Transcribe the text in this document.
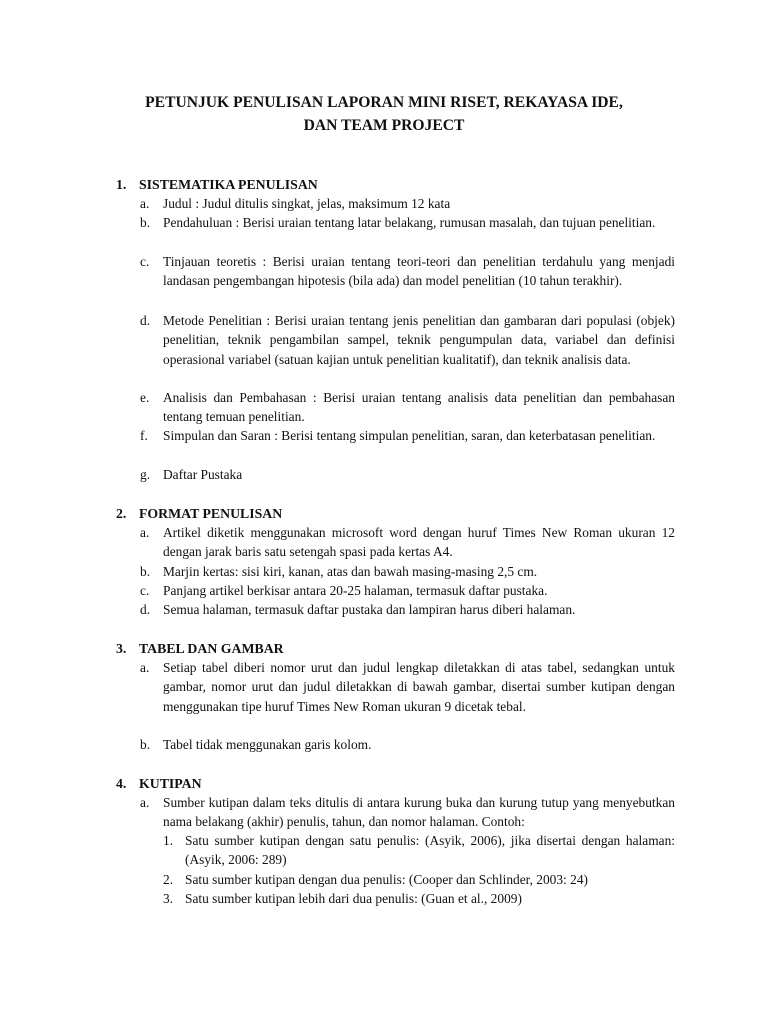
PETUNJUK PENULISAN LAPORAN MINI RISET, REKAYASA IDE,
DAN TEAM PROJECT
1. SISTEMATIKA PENULISAN
a. Judul : Judul ditulis singkat, jelas, maksimum 12 kata
b. Pendahuluan : Berisi uraian tentang latar belakang, rumusan masalah, dan tujuan penelitian.
c. Tinjauan teoretis : Berisi uraian tentang teori-teori dan penelitian terdahulu yang menjadi landasan pengembangan hipotesis (bila ada) dan model penelitian (10 tahun terakhir).
d. Metode Penelitian : Berisi uraian tentang jenis penelitian dan gambaran dari populasi (objek) penelitian, teknik pengambilan sampel, teknik pengumpulan data, variabel dan definisi operasional variabel (satuan kajian untuk penelitian kualitatif), dan teknik analisis data.
e. Analisis dan Pembahasan : Berisi uraian tentang analisis data penelitian dan pembahasan tentang temuan penelitian.
f. Simpulan dan Saran : Berisi tentang simpulan penelitian, saran, dan keterbatasan penelitian.
g. Daftar Pustaka
2. FORMAT PENULISAN
a. Artikel diketik menggunakan microsoft word dengan huruf Times New Roman ukuran 12 dengan jarak baris satu setengah spasi pada kertas A4.
b. Marjin kertas: sisi kiri, kanan, atas dan bawah masing-masing 2,5 cm.
c. Panjang artikel berkisar antara 20-25 halaman, termasuk daftar pustaka.
d. Semua halaman, termasuk daftar pustaka dan lampiran harus diberi halaman.
3. TABEL DAN GAMBAR
a. Setiap tabel diberi nomor urut dan judul lengkap diletakkan di atas tabel, sedangkan untuk gambar, nomor urut dan judul diletakkan di bawah gambar, disertai sumber kutipan dengan menggunakan tipe huruf Times New Roman ukuran 9 dicetak tebal.
b. Tabel tidak menggunakan garis kolom.
4. KUTIPAN
a. Sumber kutipan dalam teks ditulis di antara kurung buka dan kurung tutup yang menyebutkan nama belakang (akhir) penulis, tahun, dan nomor halaman. Contoh:
1. Satu sumber kutipan dengan satu penulis: (Asyik, 2006), jika disertai dengan halaman: (Asyik, 2006: 289)
2. Satu sumber kutipan dengan dua penulis: (Cooper dan Schlinder, 2003: 24)
3. Satu sumber kutipan lebih dari dua penulis: (Guan et al., 2009)
